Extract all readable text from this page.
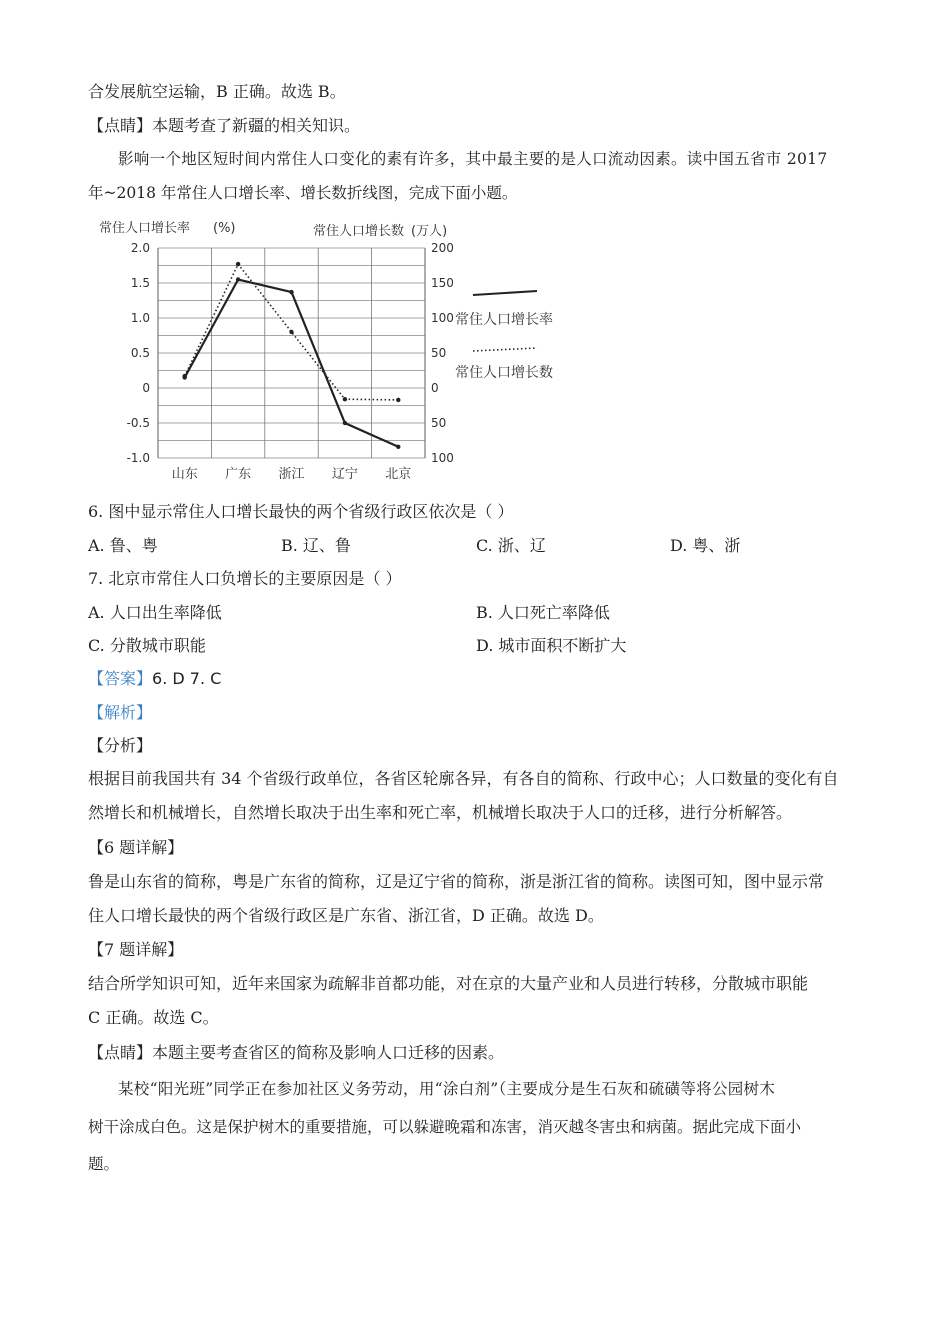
合发展航空运输，B 正确。故选 B。
【点睛】本题考查了新疆的相关知识。
影响一个地区短时间内常住人口变化的素有许多，其中最主要的是人口流动因素。读中国五省市 2017
年~2018 年常住人口增长率、增长数折线图，完成下面小题。
常住人口增长率 (%)	常住人口增长数 (万人)
2.0
1.5
1.0
0.5
0
-0.5
-1.0
200
150
100
50
0
50
100
山东 广东 浙江 辽宁 北京
常住人口增长率
常住人口增长数
6. 图中显示常住人口增长最快的两个省级行政区依次是（ ）
A. 鲁、粤	B. 辽、鲁	C. 浙、辽	D. 粤、浙
7. 北京市常住人口负增长的主要原因是（ ）
A. 人口出生率降低	B. 人口死亡率降低
C. 分散城市职能	D. 城市面积不断扩大
【答案】6. D 7. C
【解析】
【分析】
根据目前我国共有 34 个省级行政单位，各省区轮廓各异，有各自的简称、行政中心；人口数量的变化有自
然增长和机械增长，自然增长取决于出生率和死亡率，机械增长取决于人口的迁移，进行分析解答。
【6 题详解】
鲁是山东省的简称，粤是广东省的简称，辽是辽宁省的简称，浙是浙江省的简称。读图可知，图中显示常
住人口增长最快的两个省级行政区是广东省、浙江省，D 正确。故选 D。
【7 题详解】
结合所学知识可知，近年来国家为疏解非首都功能，对在京的大量产业和人员进行转移，分散城市职能
C 正确。故选 C。
【点睛】本题主要考查省区的简称及影响人口迁移的因素。
某校“阳光班”同学正在参加社区义务劳动，用“涂白剂”（主要成分是生石灰和硫磺等将公园树木
树干涂成白色。这是保护树木的重要措施，可以躲避晚霜和冻害，消灭越冬害虫和病菌。据此完成下面小
题。
